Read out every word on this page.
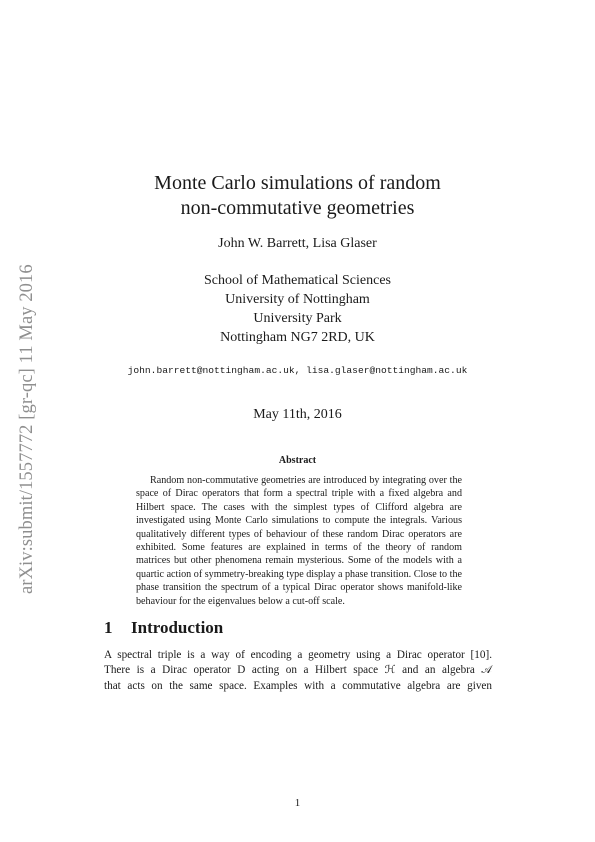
arXiv:submit/1557772 [gr-qc] 11 May 2016
Monte Carlo simulations of random
non-commutative geometries
John W. Barrett, Lisa Glaser
School of Mathematical Sciences
University of Nottingham
University Park
Nottingham NG7 2RD, UK
john.barrett@nottingham.ac.uk, lisa.glaser@nottingham.ac.uk
May 11th, 2016
Abstract
Random non-commutative geometries are introduced by integrating over the space of Dirac operators that form a spectral triple with a fixed algebra and Hilbert space. The cases with the simplest types of Clifford algebra are investigated using Monte Carlo simulations to compute the integrals. Various qualitatively different types of behaviour of these random Dirac operators are exhibited. Some features are explained in terms of the theory of random matrices but other phenomena remain mysterious. Some of the models with a quartic action of symmetry-breaking type display a phase transition. Close to the phase transition the spectrum of a typical Dirac operator shows manifold-like behaviour for the eigenvalues below a cut-off scale.
1 Introduction
A spectral triple is a way of encoding a geometry using a Dirac operator [10].
There is a Dirac operator D acting on a Hilbert space ℋ and an algebra 𝒜
that acts on the same space. Examples with a commutative algebra are given
1
